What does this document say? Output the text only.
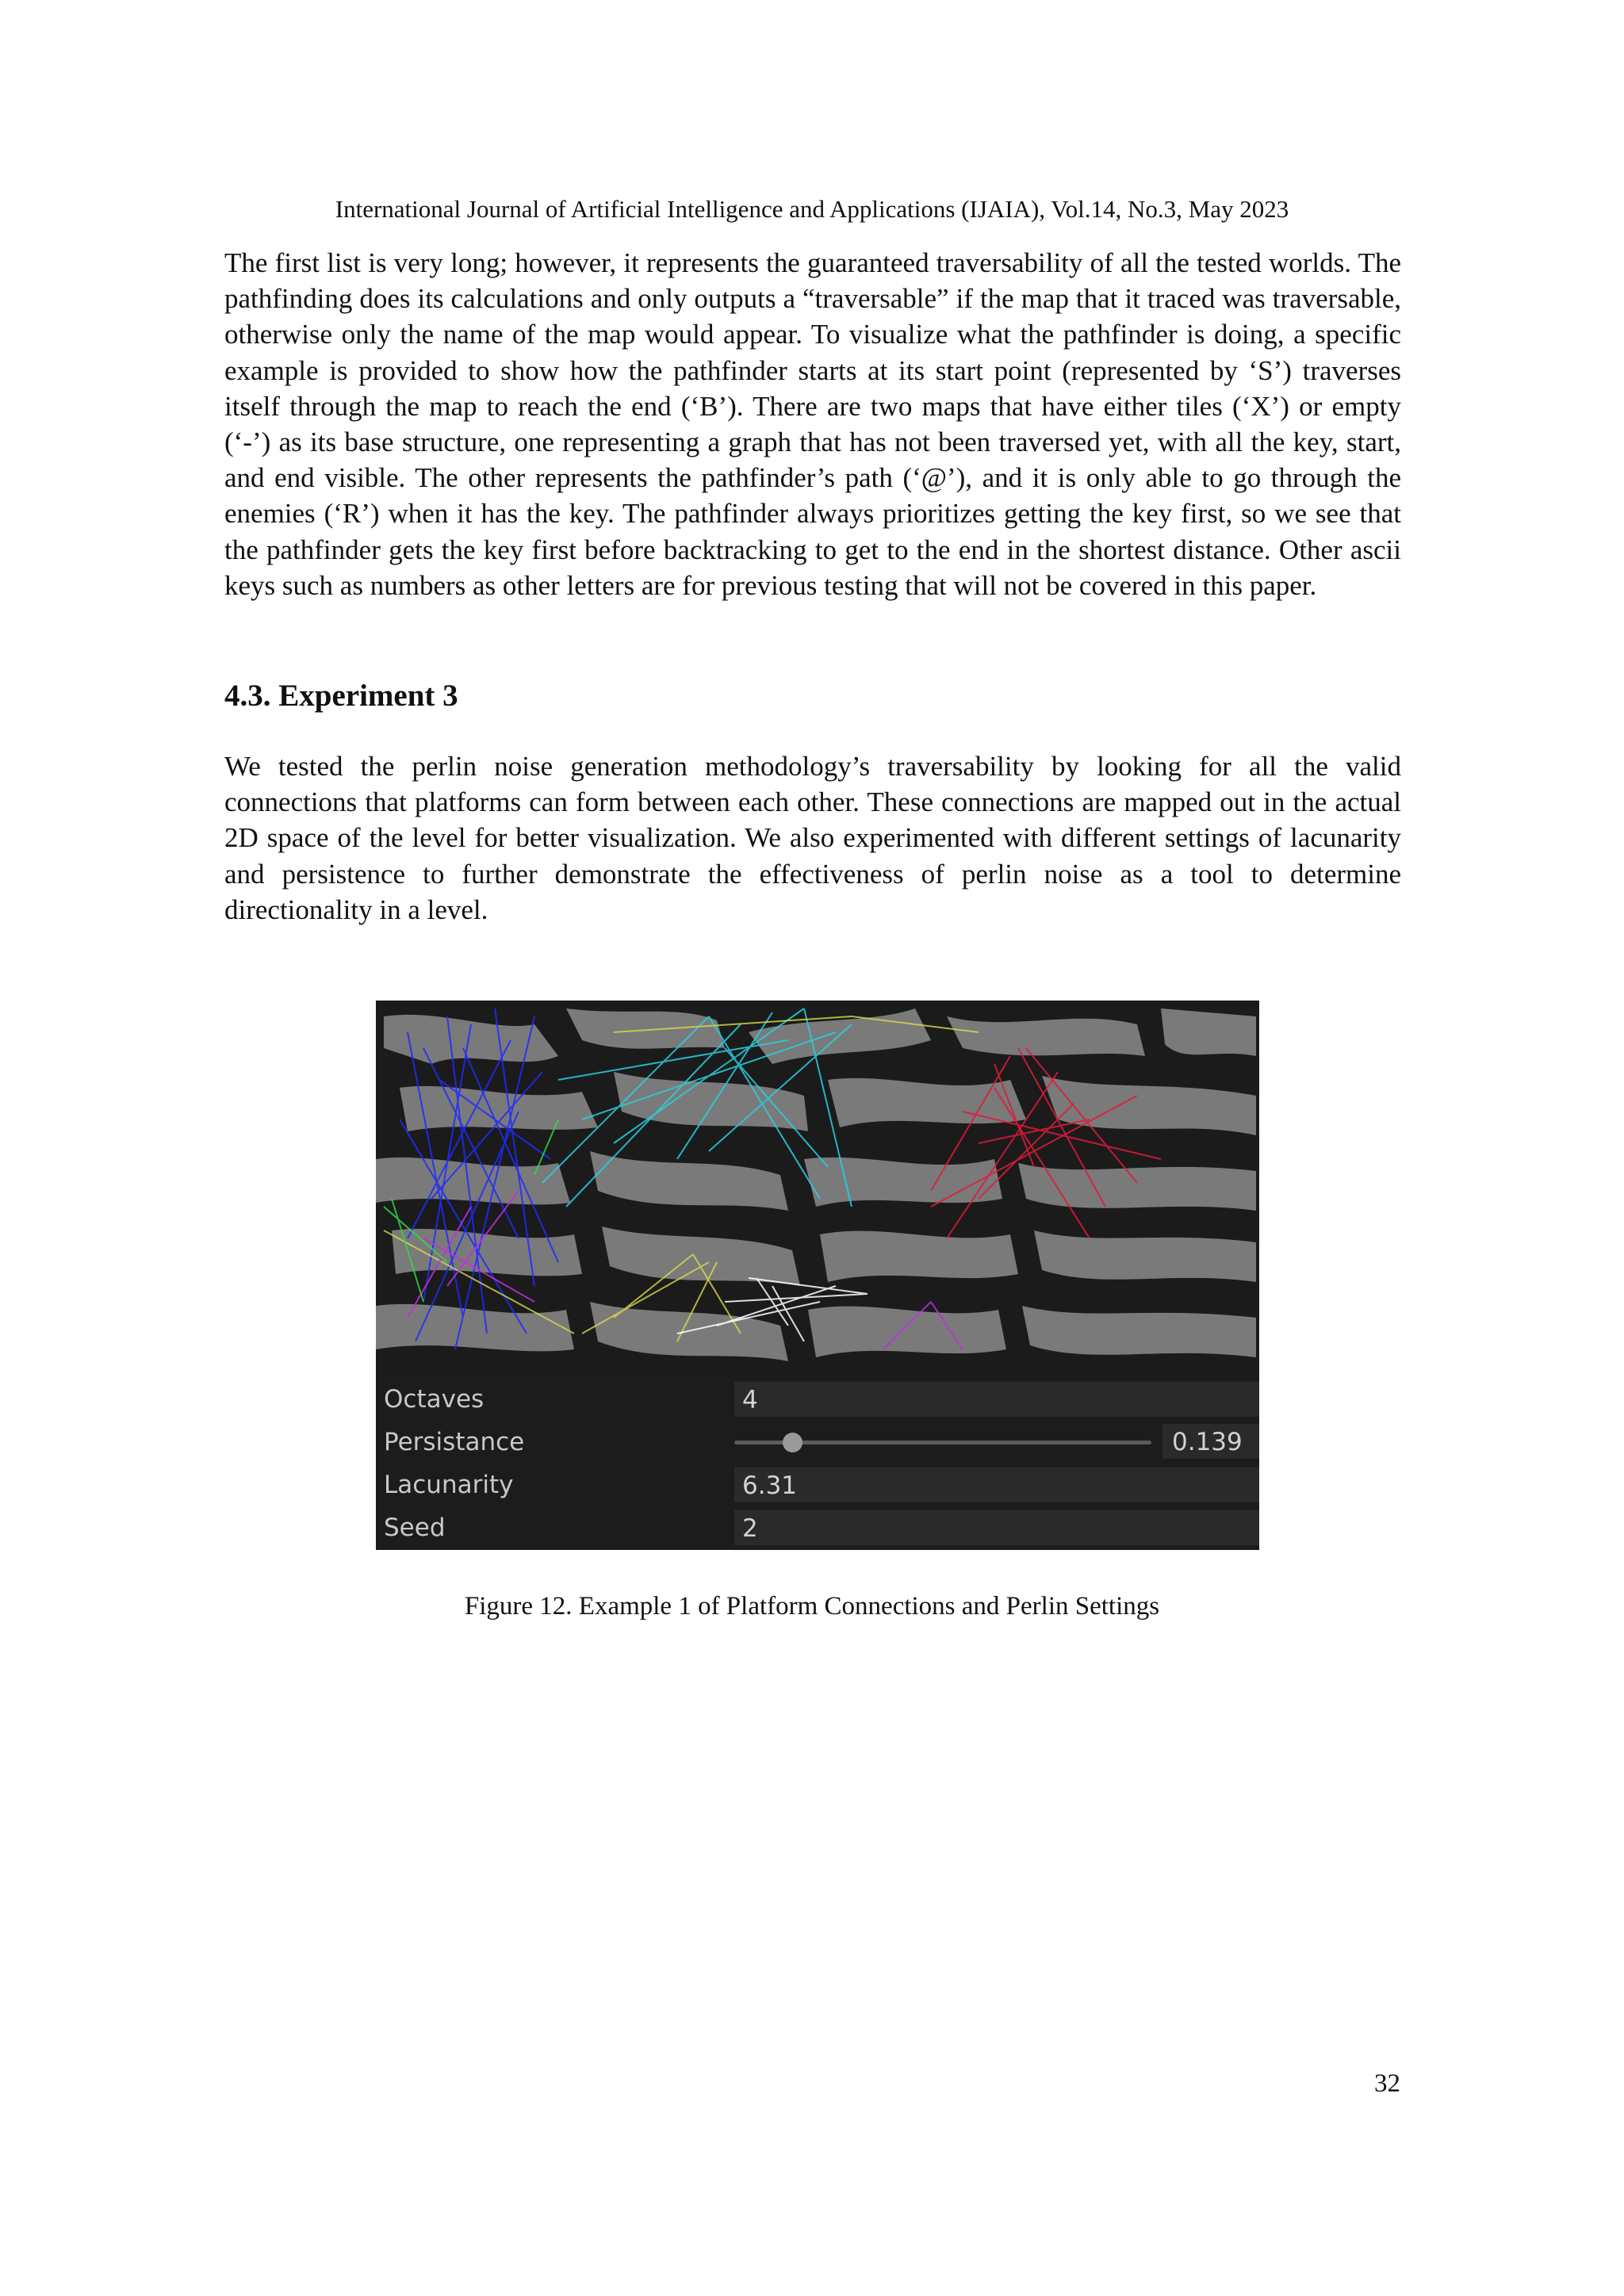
International Journal of Artificial Intelligence and Applications (IJAIA), Vol.14, No.3, May 2023

The first list is very long; however, it represents the guaranteed traversability of all the tested worlds. The pathfinding does its calculations and only outputs a “traversable” if the map that it traced was traversable, otherwise only the name of the map would appear. To visualize what the pathfinder is doing, a specific example is provided to show how the pathfinder starts at its start point (represented by ‘S’) traverses itself through the map to reach the end (‘B’). There are two maps that have either tiles (‘X’) or empty (‘-’) as its base structure, one representing a graph that has not been traversed yet, with all the key, start, and end visible. The other represents the pathfinder’s path (‘@’), and it is only able to go through the enemies (‘R’) when it has the key. The pathfinder always prioritizes getting the key first, so we see that the pathfinder gets the key first before backtracking to get to the end in the shortest distance. Other ascii keys such as numbers as other letters are for previous testing that will not be covered in this paper.

4.3. Experiment 3

We tested the perlin noise generation methodology’s traversability by looking for all the valid connections that platforms can form between each other. These connections are mapped out in the actual 2D space of the level for better visualization. We also experimented with different settings of lacunarity and persistence to further demonstrate the effectiveness of perlin noise as a tool to determine directionality in a level.

Octaves	4
Persistance	0.139
Lacunarity	6.31
Seed	2
Figure 12. Example 1 of Platform Connections and Perlin Settings
32
